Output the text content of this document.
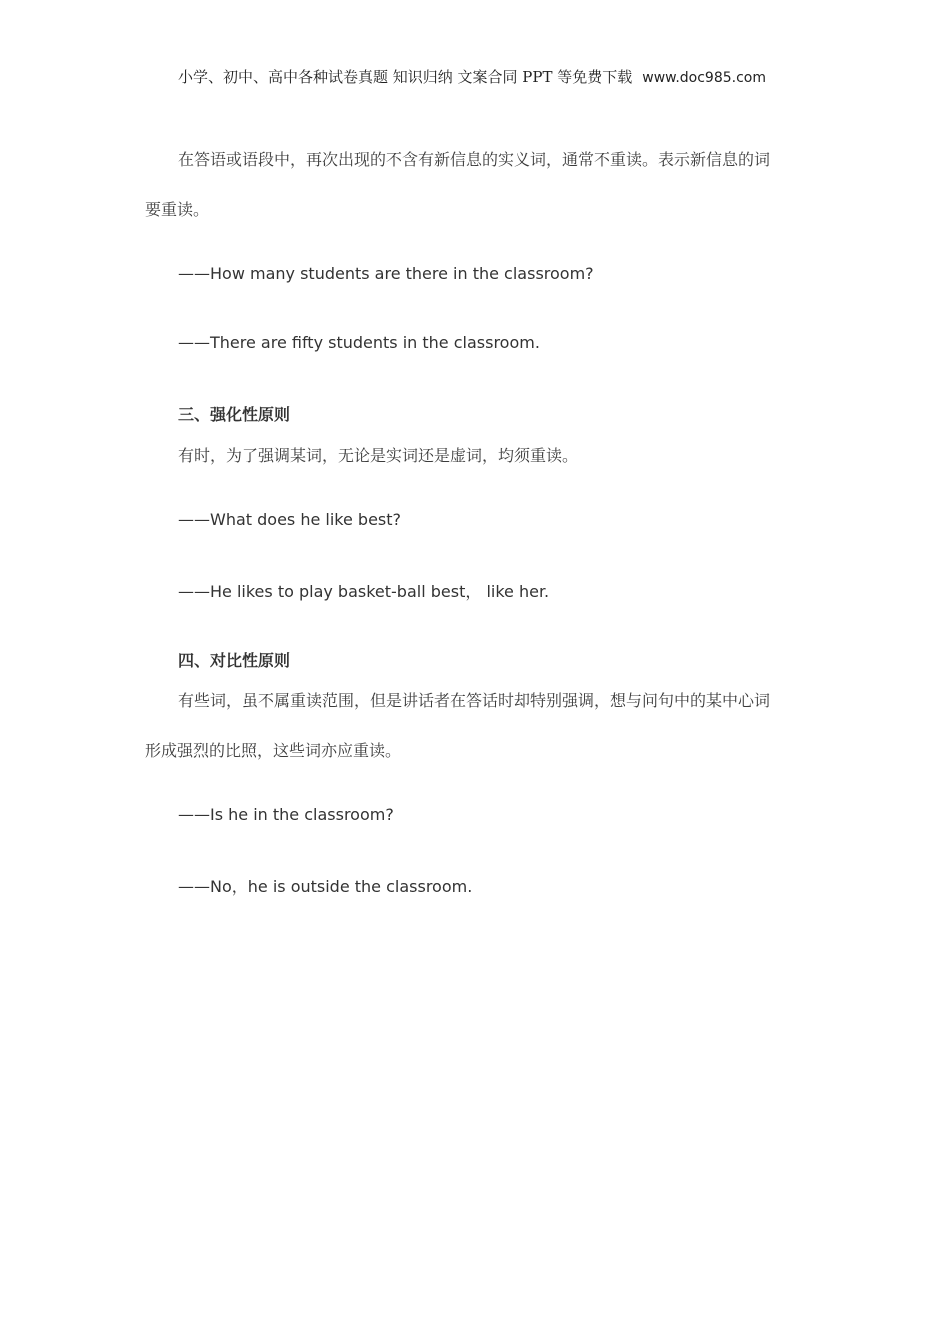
小学、初中、高中各种试卷真题 知识归纳 文案合同 PPT 等免费下载 www.doc985.com
在答语或语段中，再次出现的不含有新信息的实义词，通常不重读。表示新信息的词
要重读。
——How many students are there in the classroom?
——There are fifty students in the classroom.
三、强化性原则
有时，为了强调某词，无论是实词还是虚词，均须重读。
——What does he like best?
——He likes to play basket-ball best， like her.
四、对比性原则
有些词，虽不属重读范围，但是讲话者在答话时却特别强调，想与问句中的某中心词
形成强烈的比照，这些词亦应重读。
——Is he in the classroom?
——No，he is outside the classroom.
